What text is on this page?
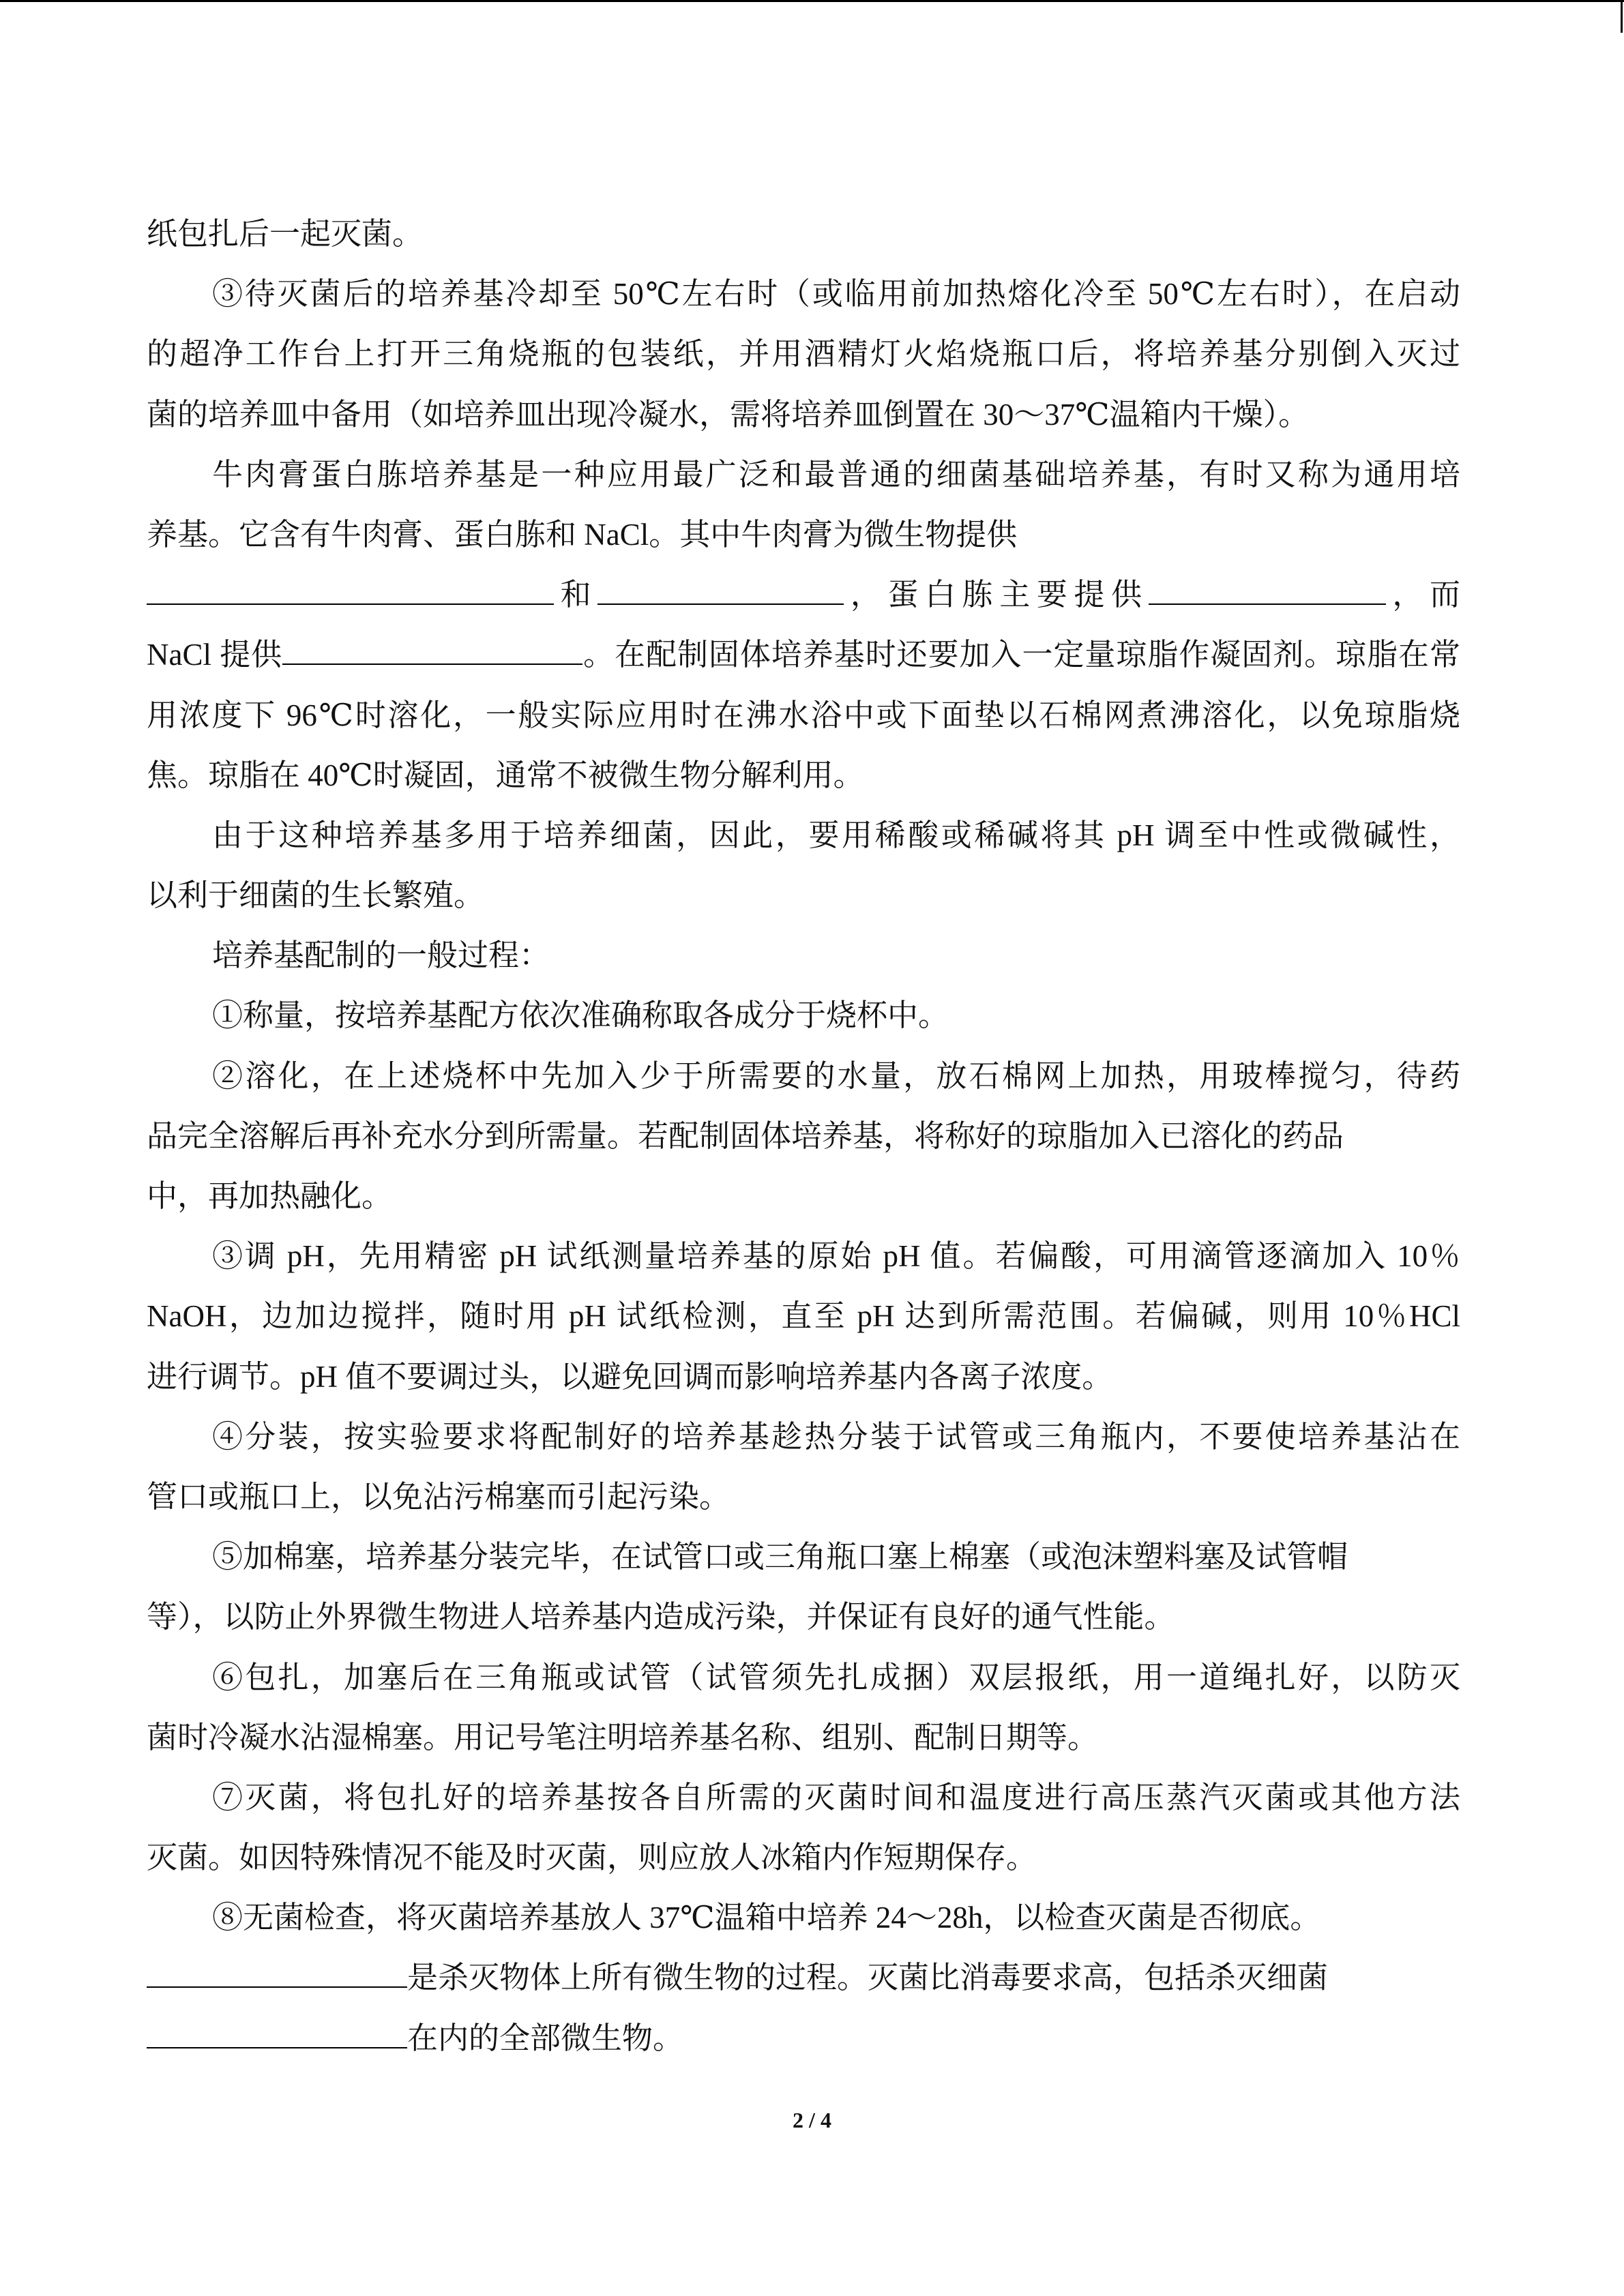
纸包扎后一起灭菌。
③待灭菌后的培养基冷却至 50℃左右时（或临用前加热熔化冷至 50℃左右时），在启动
的超净工作台上打开三角烧瓶的包装纸，并用酒精灯火焰烧瓶口后，将培养基分别倒入灭过
菌的培养皿中备用（如培养皿出现冷凝水，需将培养皿倒置在 30～37℃温箱内干燥）。
牛肉膏蛋白胨培养基是一种应用最广泛和最普通的细菌基础培养基，有时又称为通用培
养基。它含有牛肉膏、蛋白胨和 NaCl。其中牛肉膏为微生物提供
和	，蛋白胨主要提供	，而
NaCl 提供	。在配制固体培养基时还要加入一定量琼脂作凝固剂。琼脂在常
用浓度下 96℃时溶化，一般实际应用时在沸水浴中或下面垫以石棉网煮沸溶化，以免琼脂烧
焦。琼脂在 40℃时凝固，通常不被微生物分解利用。
由于这种培养基多用于培养细菌，因此，要用稀酸或稀碱将其 pH 调至中性或微碱性，
以利于细菌的生长繁殖。
培养基配制的一般过程：
①称量，按培养基配方依次准确称取各成分于烧杯中。
②溶化，在上述烧杯中先加入少于所需要的水量，放石棉网上加热，用玻棒搅匀，待药
品完全溶解后再补充水分到所需量。若配制固体培养基，将称好的琼脂加入已溶化的药品
中，再加热融化。
③调 pH，先用精密 pH 试纸测量培养基的原始 pH 值。若偏酸，可用滴管逐滴加入 10％
NaOH，边加边搅拌，随时用 pH 试纸检测，直至 pH 达到所需范围。若偏碱，则用 10％HCl
进行调节。pH 值不要调过头，以避免回调而影响培养基内各离子浓度。
④分装，按实验要求将配制好的培养基趁热分装于试管或三角瓶内，不要使培养基沾在
管口或瓶口上，以免沾污棉塞而引起污染。
⑤加棉塞，培养基分装完毕，在试管口或三角瓶口塞上棉塞（或泡沫塑料塞及试管帽
等），以防止外界微生物进人培养基内造成污染，并保证有良好的通气性能。
⑥包扎，加塞后在三角瓶或试管（试管须先扎成捆）双层报纸，用一道绳扎好，以防灭
菌时冷凝水沾湿棉塞。用记号笔注明培养基名称、组别、配制日期等。
⑦灭菌，将包扎好的培养基按各自所需的灭菌时间和温度进行高压蒸汽灭菌或其他方法
灭菌。如因特殊情况不能及时灭菌，则应放人冰箱内作短期保存。
⑧无菌检查，将灭菌培养基放人 37℃温箱中培养 24～28h，以检查灭菌是否彻底。
是杀灭物体上所有微生物的过程。灭菌比消毒要求高，包括杀灭细菌
在内的全部微生物。
2 / 4
